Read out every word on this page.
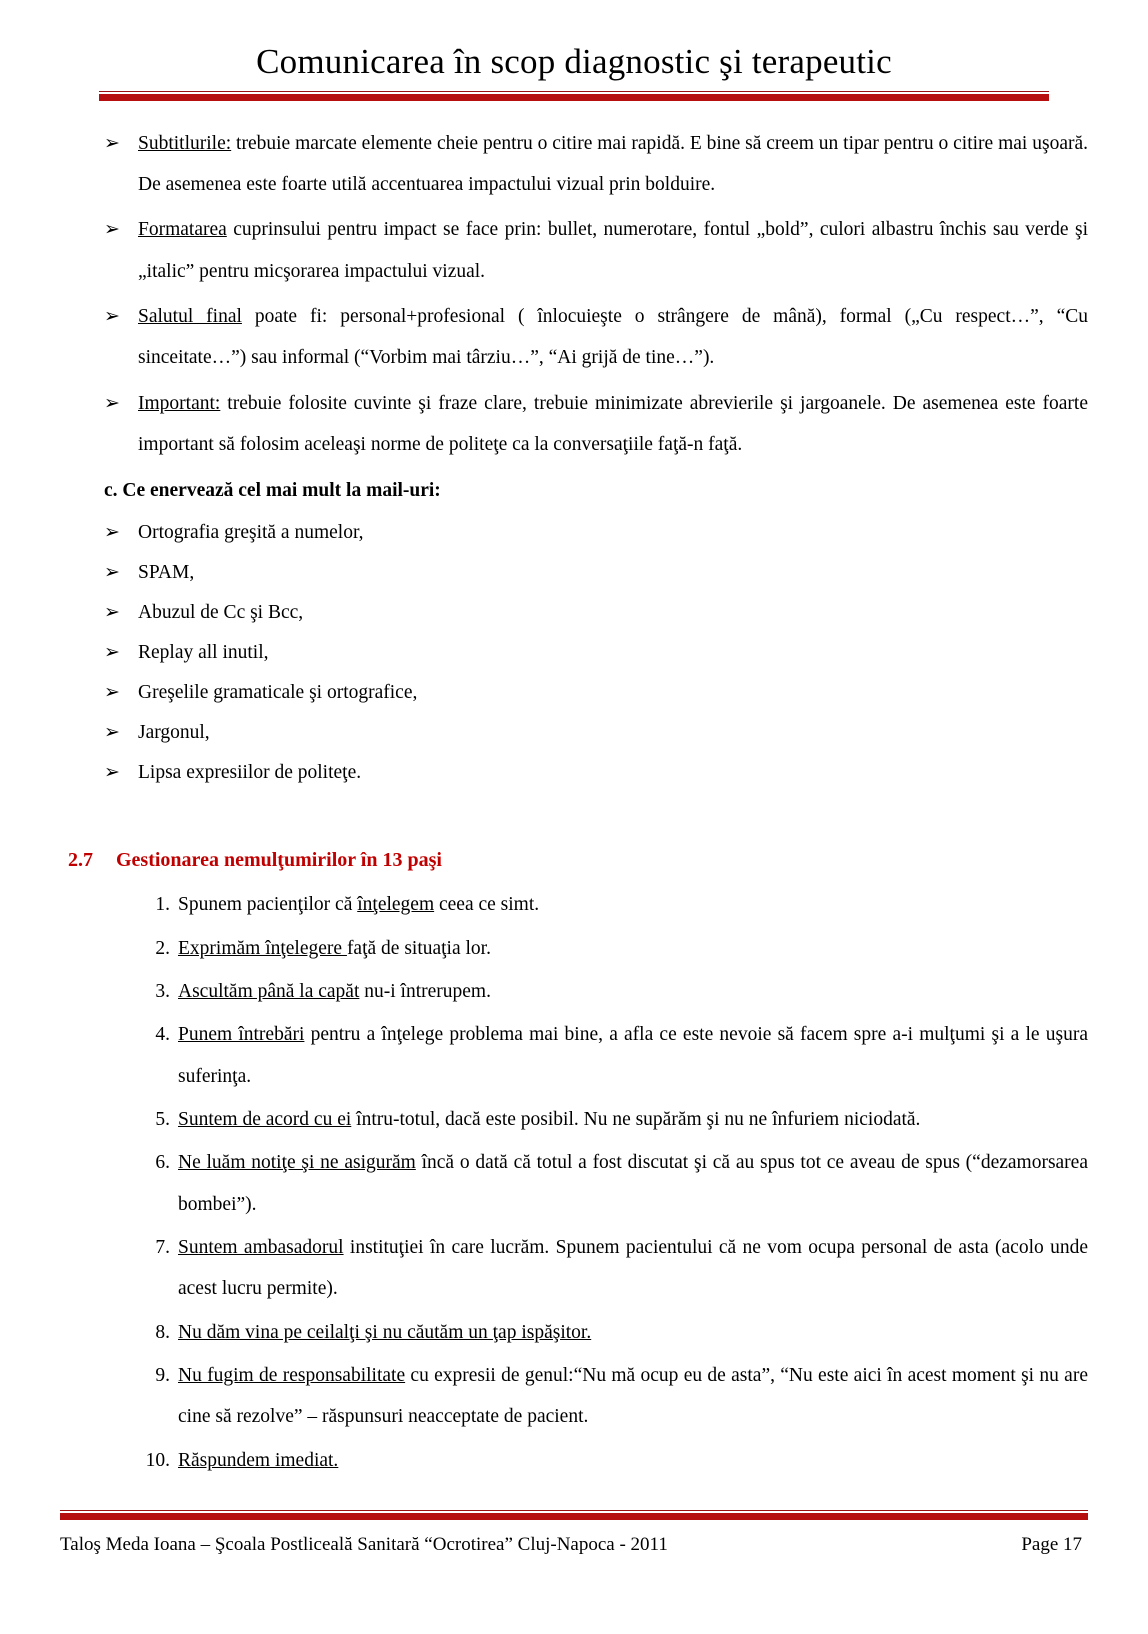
Comunicarea în scop diagnostic şi terapeutic
➢ Subtitlurile: trebuie marcate elemente cheie pentru o citire mai rapidă. E bine să creem un tipar pentru o citire mai uşoară. De asemenea este foarte utilă accentuarea impactului vizual prin bolduire.
➢ Formatarea cuprinsului pentru impact se face prin: bullet, numerotare, fontul „bold”, culori albastru închis sau verde şi „italic” pentru micşorarea impactului vizual.
➢ Salutul final poate fi: personal+profesional ( înlocuieşte o strângere de mână), formal („Cu respect…”, “Cu sinceitate…”) sau informal (“Vorbim mai târziu…”, “Ai grijă de tine…”).
➢ Important: trebuie folosite cuvinte şi fraze clare, trebuie minimizate abrevierile şi jargoanele. De asemenea este foarte important să folosim aceleaşi norme de politeţe ca la conversaţiile faţă-n faţă.
c. Ce enervează cel mai mult la mail-uri:
➢ Ortografia greşită a numelor,
➢ SPAM,
➢ Abuzul de Cc şi Bcc,
➢ Replay all inutil,
➢ Greşelile gramaticale şi ortografice,
➢ Jargonul,
➢ Lipsa expresiilor de politeţe.
2.7 Gestionarea nemulţumirilor în 13 paşi
1. Spunem pacienţilor că înţelegem ceea ce simt.
2. Exprimăm înţelegere faţă de situaţia lor.
3. Ascultăm până la capăt nu-i întrerupem.
4. Punem întrebări pentru a înţelege problema mai bine, a afla ce este nevoie să facem spre a-i mulţumi şi a le uşura suferinţa.
5. Suntem de acord cu ei întru-totul, dacă este posibil. Nu ne supărăm şi nu ne înfuriem niciodată.
6. Ne luăm notiţe şi ne asigurăm încă o dată că totul a fost discutat şi că au spus tot ce aveau de spus (“dezamorsarea bombei”).
7. Suntem ambasadorul instituţiei în care lucrăm. Spunem pacientului că ne vom ocupa personal de asta (acolo unde acest lucru permite).
8. Nu dăm vina pe ceilalţi şi nu căutăm un ţap ispăşitor.
9. Nu fugim de responsabilitate cu expresii de genul:“Nu mă ocup eu de asta”, “Nu este aici în acest moment şi nu are cine să rezolve” – răspunsuri neacceptate de pacient.
10. Răspundem imediat.
Taloş Meda Ioana – Şcoala Postliceală Sanitară “Ocrotirea” Cluj-Napoca - 2011	Page 17
